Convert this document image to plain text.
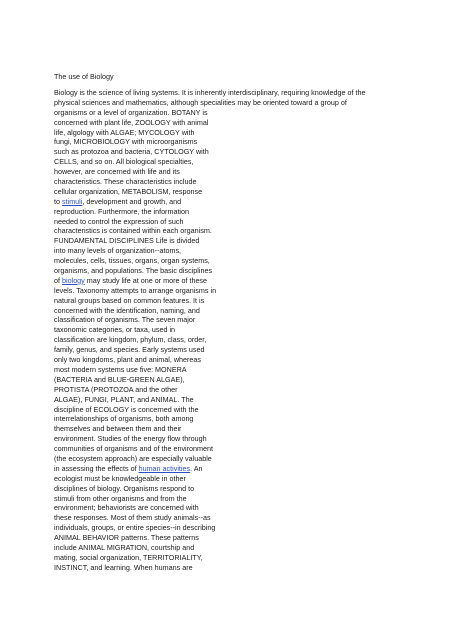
The use of Biology
Biology is the science of living systems. It is inherently interdisciplinary, requiring knowledge of the
physical sciences and mathematics, although specialities may be oriented toward a group of
organisms or a level of organization. BOTANY is
concerned with plant life, ZOOLOGY with animal
life, algology with ALGAE; MYCOLOGY with
fungi, MICROBIOLOGY with microorganisms
such as protozoa and bacteria, CYTOLOGY with
CELLS, and so on. All biological specialties,
however, are concerned with life and its
characteristics. These characteristics include
cellular organization, METABOLISM, response
to stimuli, development and growth, and
reproduction. Furthermore, the information
needed to control the expression of such
characteristics is contained within each organism.
FUNDAMENTAL DISCIPLINES Life is divided
into many levels of organization--atoms,
molecules, cells, tissues, organs, organ systems,
organisms, and populations. The basic disciplines
of biology may study life at one or more of these
levels. Taxonomy attempts to arrange organisms in
natural groups based on common features. It is
concerned with the identification, naming, and
classification of organisms. The seven major
taxonomic categories, or taxa, used in
classification are kingdom, phylum, class, order,
family, genus, and species. Early systems used
only two kingdoms, plant and animal, whereas
most modern systems use five: MONERA
(BACTERIA and BLUE-GREEN ALGAE),
PROTISTA (PROTOZOA and the other
ALGAE), FUNGI, PLANT, and ANIMAL. The
discipline of ECOLOGY is concerned with the
interrelationships of organisms, both among
themselves and between them and their
environment. Studies of the energy flow through
communities of organisms and of the environment
(the ecosystem approach) are especially valuable
in assessing the effects of human activities. An
ecologist must be knowledgeable in other
disciplines of biology. Organisms respond to
stimuli from other organisms and from the
environment; behaviorists are concerned with
these responses. Most of them study animals--as
individuals, groups, or entire species--in describing
ANIMAL BEHAVIOR patterns. These patterns
include ANIMAL MIGRATION, courtship and
mating, social organization, TERRITORIALITY,
INSTINCT, and learning. When humans are
